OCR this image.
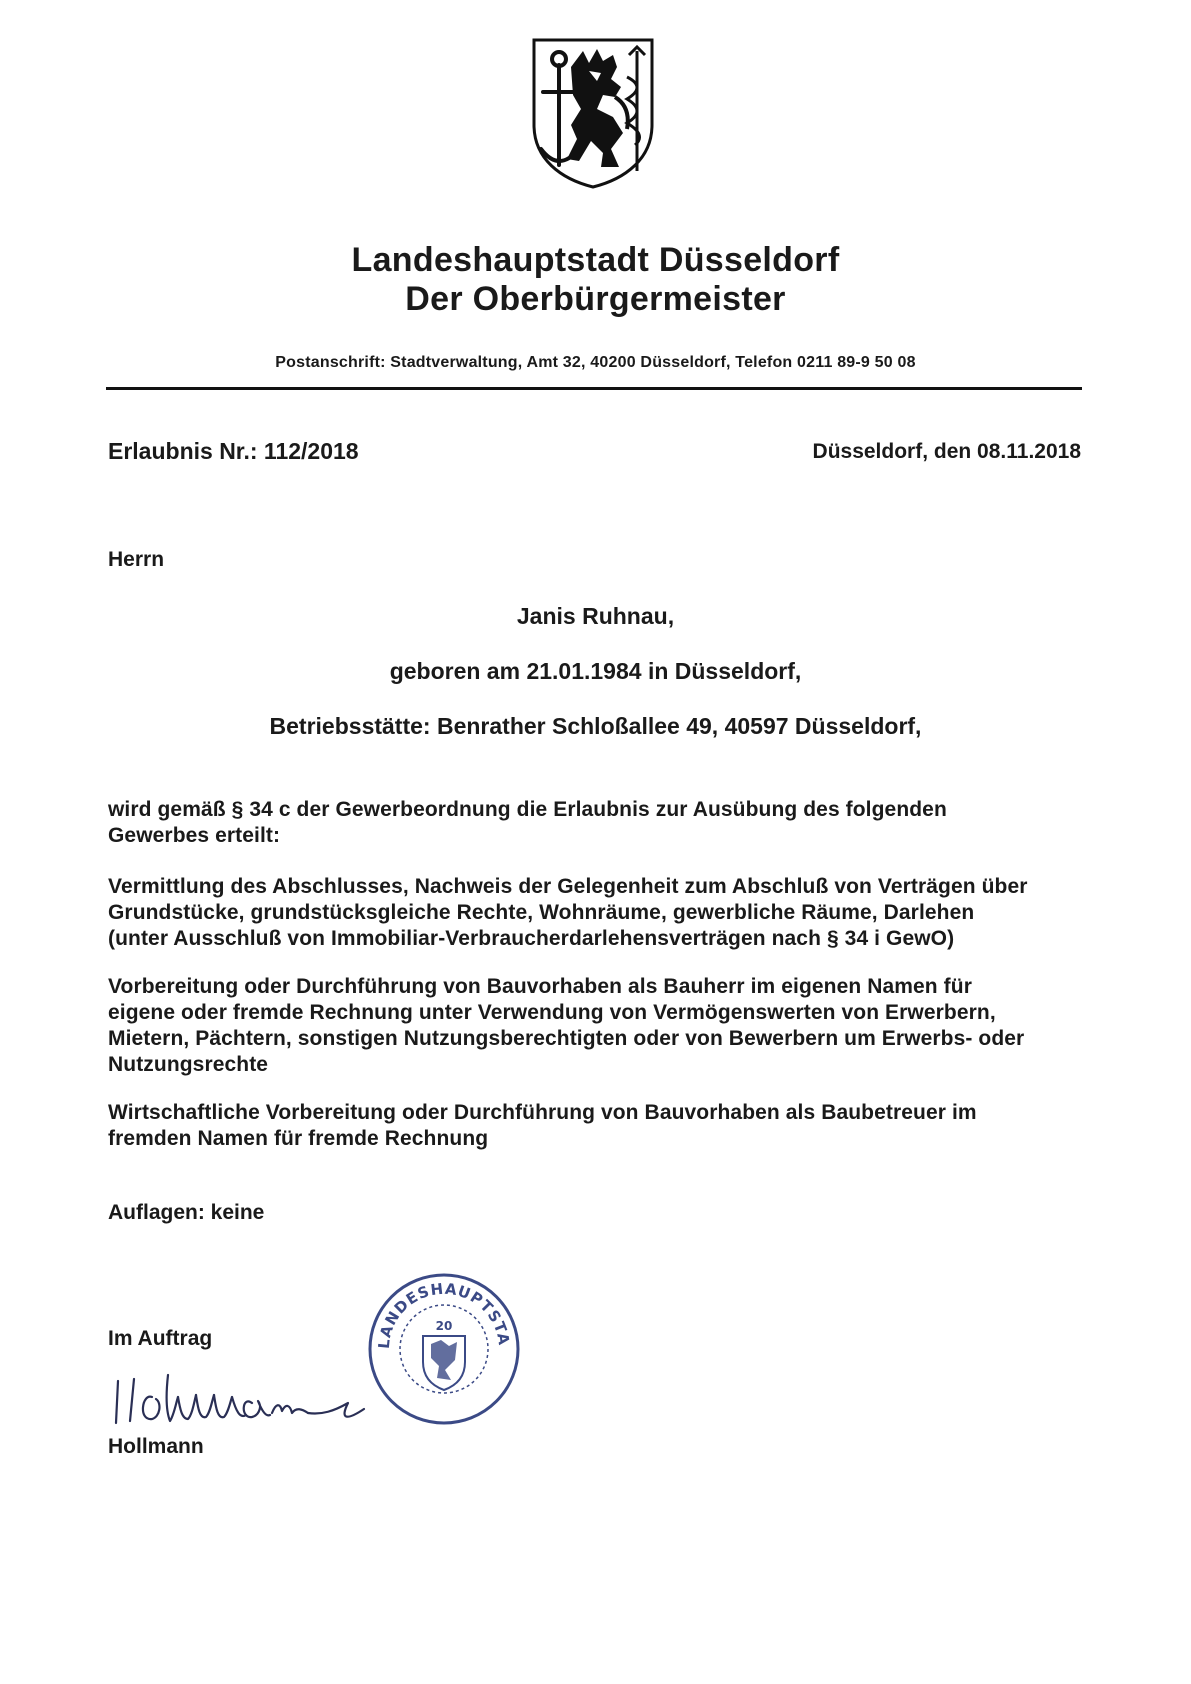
Landeshauptstadt Düsseldorf
Der Oberbürgermeister
Postanschrift: Stadtverwaltung, Amt 32, 40200 Düsseldorf, Telefon 0211 89-9 50 08
Erlaubnis Nr.: 112/2018	Düsseldorf, den 08.11.2018
Herrn
Janis Ruhnau,
geboren am 21.01.1984 in Düsseldorf,
Betriebsstätte: Benrather Schloßallee 49, 40597 Düsseldorf,
wird gemäß § 34 c der Gewerbeordnung die Erlaubnis zur Ausübung des folgenden
Gewerbes erteilt:
Vermittlung des Abschlusses, Nachweis der Gelegenheit zum Abschluß von Verträgen über
Grundstücke, grundstücksgleiche Rechte, Wohnräume, gewerbliche Räume, Darlehen
(unter Ausschluß von Immobiliar-Verbraucherdarlehensverträgen nach § 34 i GewO)
Vorbereitung oder Durchführung von Bauvorhaben als Bauherr im eigenen Namen für
eigene oder fremde Rechnung unter Verwendung von Vermögenswerten von Erwerbern,
Mietern, Pächtern, sonstigen Nutzungsberechtigten oder von Bewerbern um Erwerbs- oder
Nutzungsrechte
Wirtschaftliche Vorbereitung oder Durchführung von Bauvorhaben als Baubetreuer im
fremden Namen für fremde Rechnung
Auflagen: keine
Im Auftrag	LANDESHAUPTSTA
20
Hollmann
